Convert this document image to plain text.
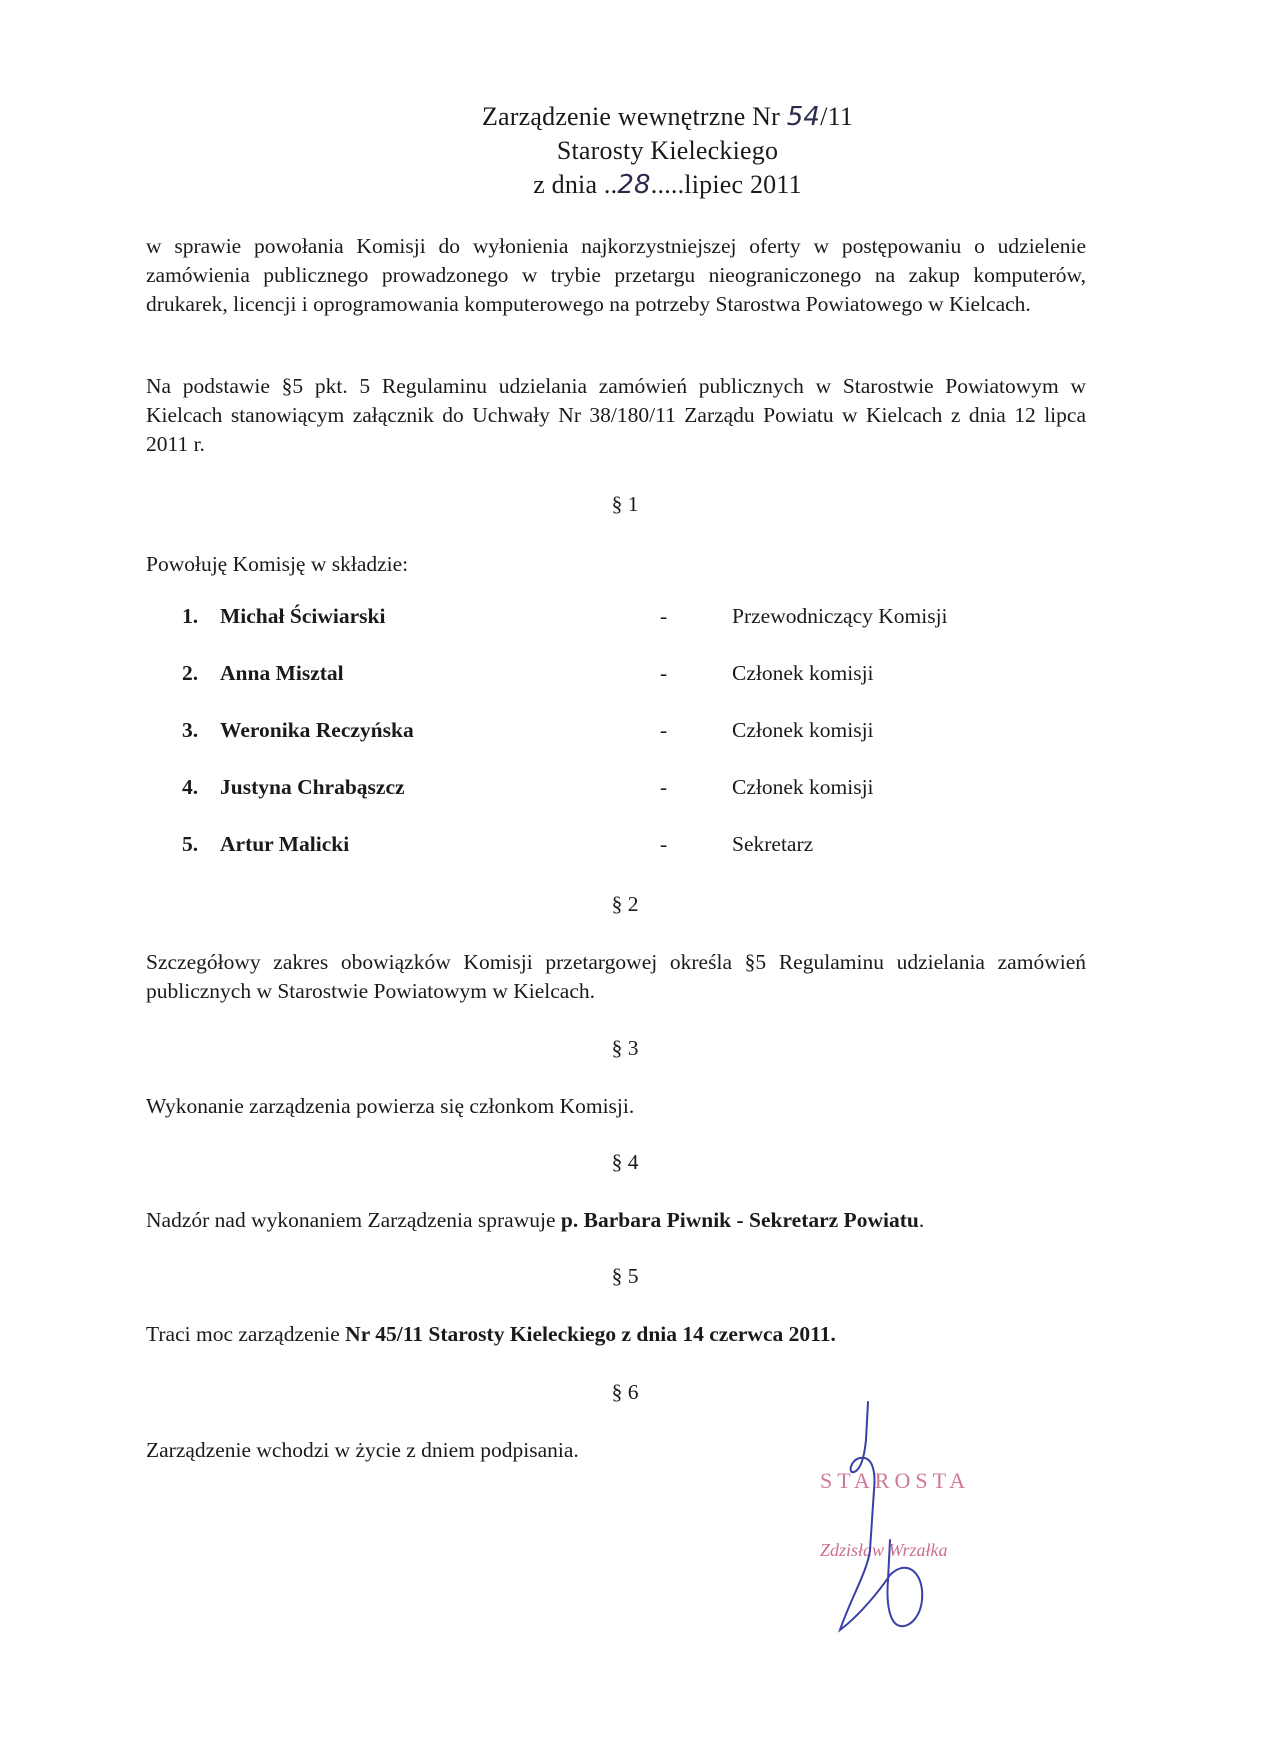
Zarządzenie wewnętrzne Nr 54/11
Starosty Kieleckiego
z dnia ..28.....lipiec 2011
w sprawie powołania Komisji do wyłonienia najkorzystniejszej oferty w postępowaniu o udzielenie zamówienia publicznego prowadzonego w trybie przetargu nieograniczonego na zakup komputerów, drukarek, licencji i oprogramowania komputerowego na potrzeby Starostwa Powiatowego w Kielcach.
Na podstawie §5 pkt. 5 Regulaminu udzielania zamówień publicznych w Starostwie Powiatowym w Kielcach stanowiącym załącznik do Uchwały Nr 38/180/11 Zarządu Powiatu w Kielcach z dnia 12 lipca 2011 r.
§ 1
Powołuję Komisję w składzie:
1. Michał Ściwiarski	-	Przewodniczący Komisji
2. Anna Misztal	-	Członek komisji
3. Weronika Reczyńska	-	Członek komisji
4. Justyna Chrabąszcz	-	Członek komisji
5. Artur Malicki	-	Sekretarz
§ 2
Szczegółowy zakres obowiązków Komisji przetargowej określa §5 Regulaminu udzielania zamówień publicznych w Starostwie Powiatowym w Kielcach.
§ 3
Wykonanie zarządzenia powierza się członkom Komisji.
§ 4
Nadzór nad wykonaniem Zarządzenia sprawuje p. Barbara Piwnik - Sekretarz Powiatu.
§ 5
Traci moc zarządzenie Nr 45/11 Starosty Kieleckiego z dnia 14 czerwca 2011.
§ 6
Zarządzenie wchodzi w życie z dniem podpisania.
STAROSTA
Zdzisław Wrzałka
